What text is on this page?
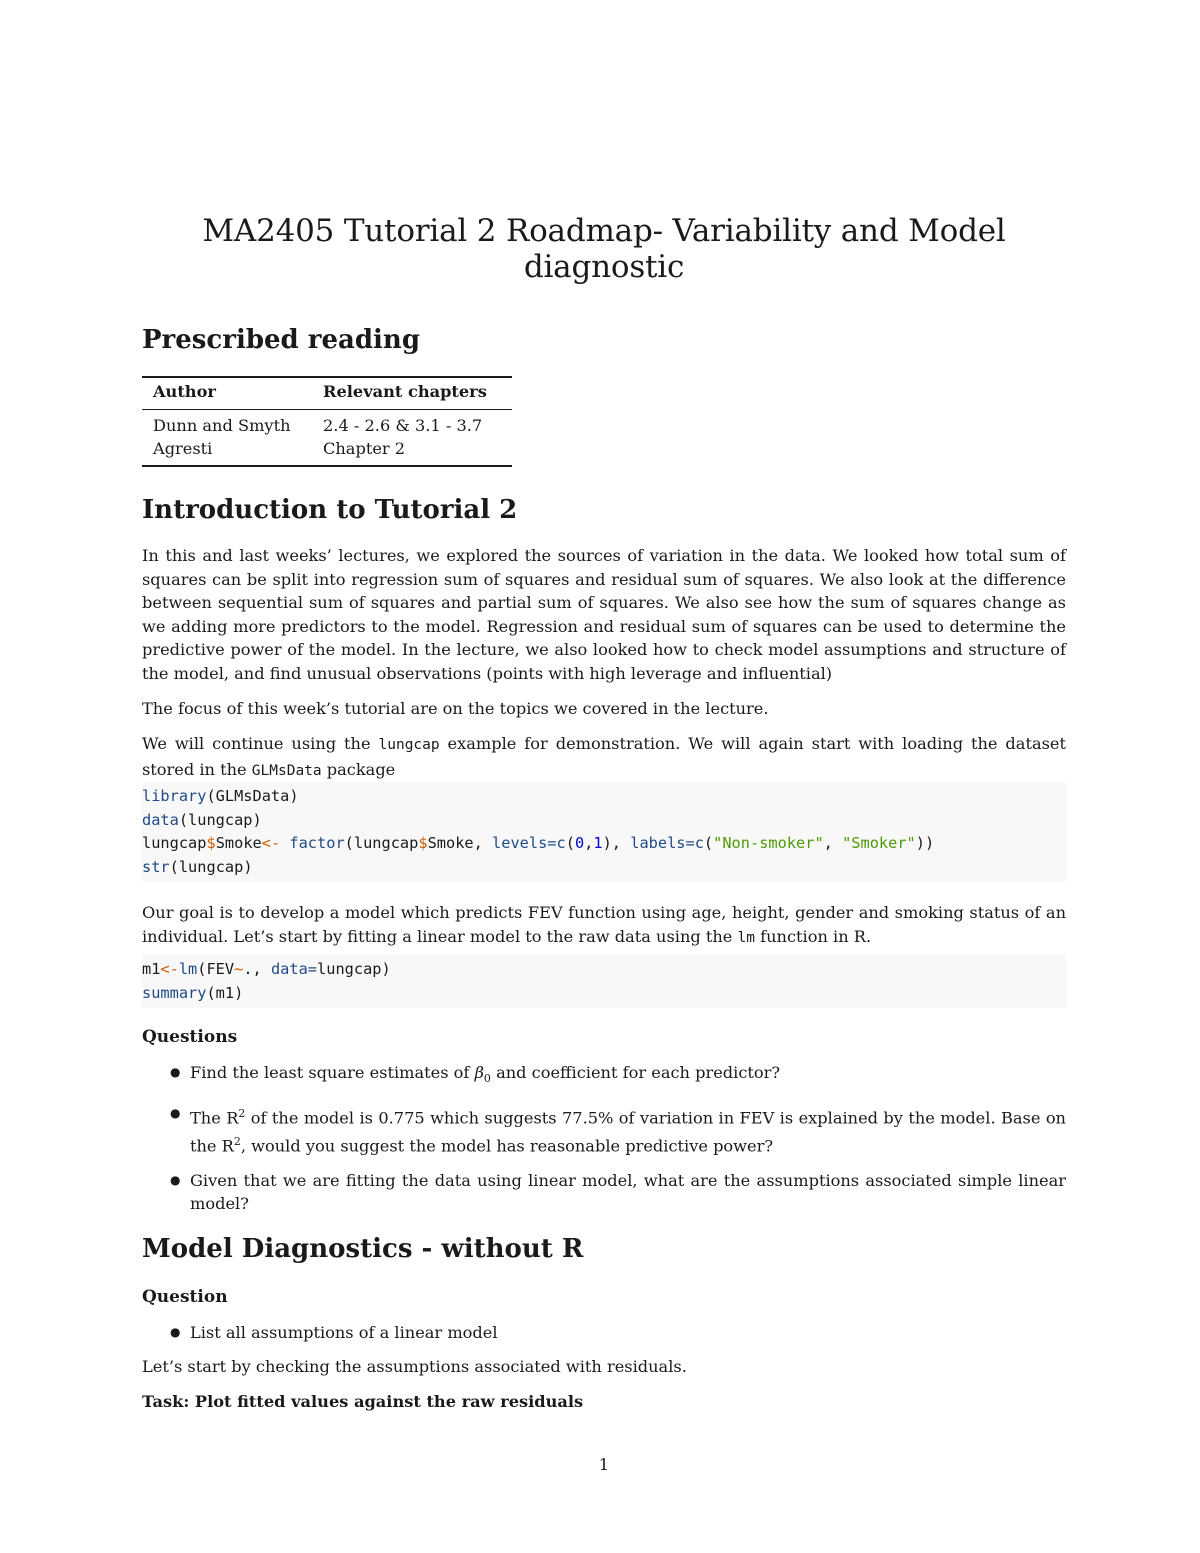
MA2405 Tutorial 2 Roadmap- Variability and Model diagnostic
Prescribed reading
Author	Relevant chapters
Dunn and Smyth 2.4 - 2.6 & 3.1 - 3.7
Agresti	Chapter 2
Introduction to Tutorial 2

In this and last weeks’ lectures, we explored the sources of variation in the data. We looked how total sum of squares can be split into regression sum of squares and residual sum of squares. We also look at the difference between sequential sum of squares and partial sum of squares. We also see how the sum of squares change as we adding more predictors to the model. Regression and residual sum of squares can be used to determine the predictive power of the model. In the lecture, we also looked how to check model assumptions and structure of the model, and find unusual observations (points with high leverage and influential)

The focus of this week’s tutorial are on the topics we covered in the lecture.

We will continue using the lungcap example for demonstration. We will again start with loading the dataset stored in the GLMsData package

library(GLMsData)
data(lungcap)
lungcap$Smoke<- factor(lungcap$Smoke, levels=c(0,1), labels=c("Non-smoker", "Smoker"))
str(lungcap)

Our goal is to develop a model which predicts FEV function using age, height, gender and smoking status of an individual. Let’s start by fitting a linear model to the raw data using the lm function in R.

m1<-lm(FEV~., data=lungcap)
summary(m1)
Questions
● Find the least square estimates of $\beta_0$ and coefficient for each predictor?
● The $R^2$ of the model is 0.775 which suggests 77.5% of variation in FEV is explained by the model. Base on the $R^2$, would you suggest the model has reasonable predictive power?
● Given that we are fitting the data using linear model, what are the assumptions associated simple linear model?
Model Diagnostics - without R
Question
● List all assumptions of a linear model

Let’s start by checking the assumptions associated with residuals.

Task: Plot fitted values against the raw residuals

1
